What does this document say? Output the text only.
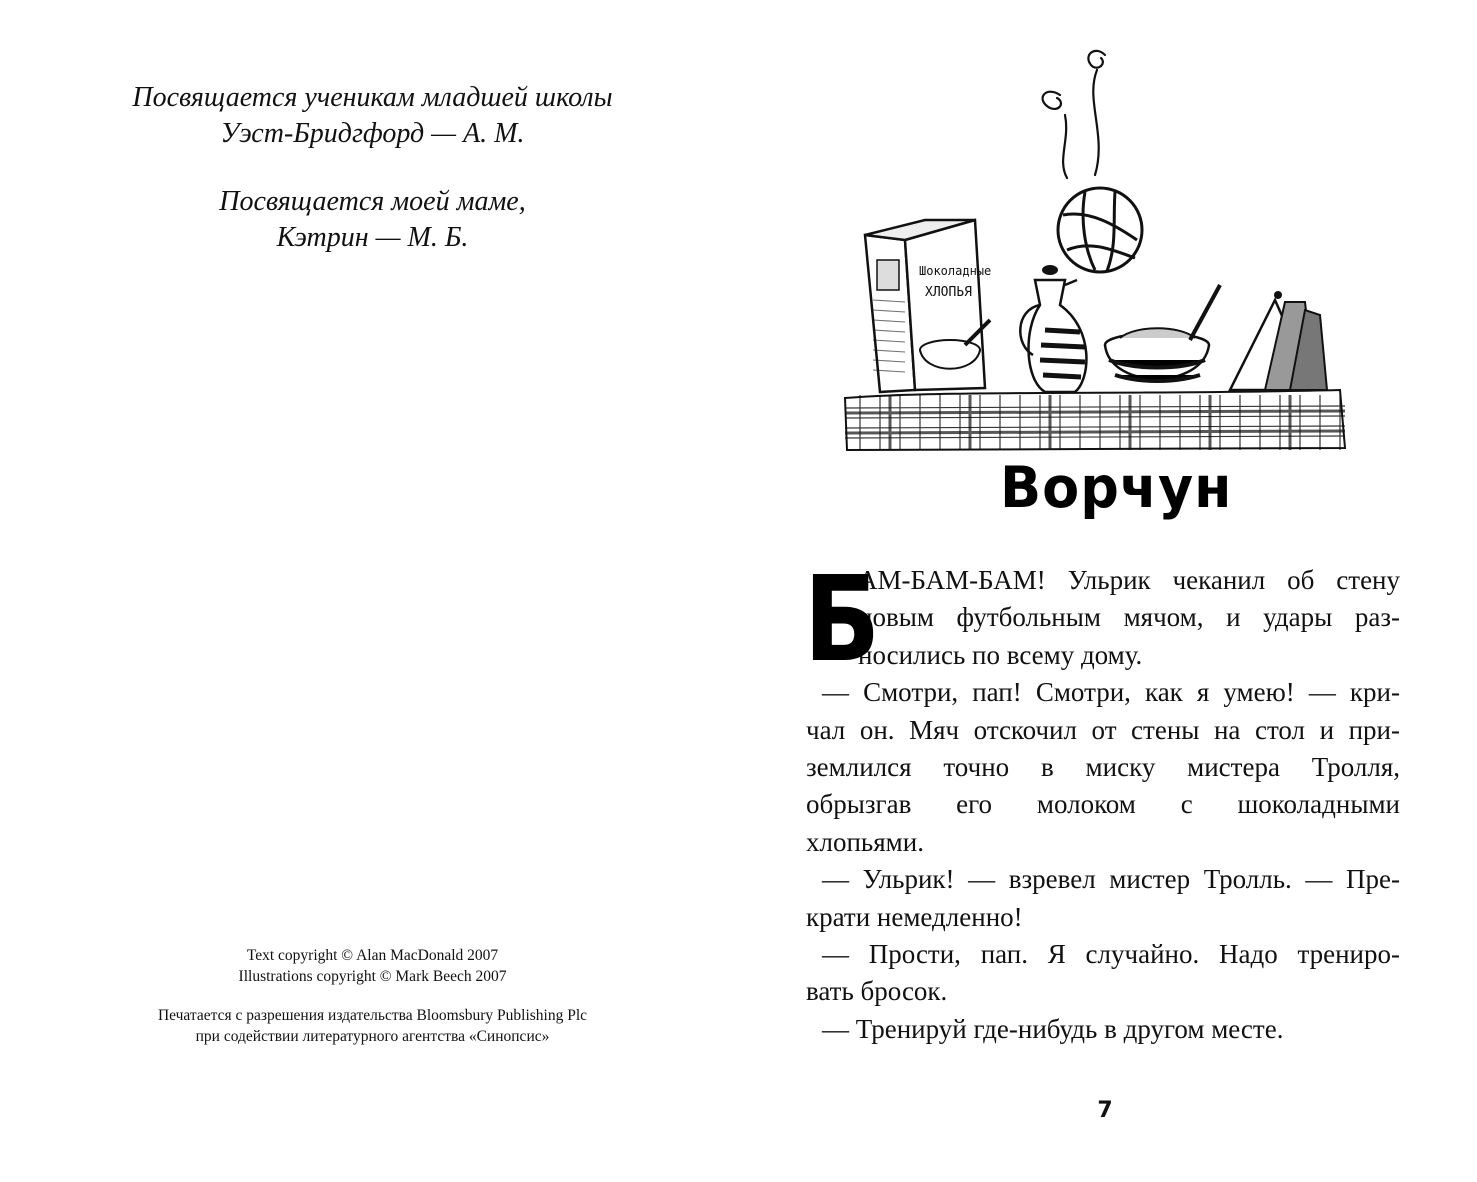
Посвящается ученикам младшей школы

Уэст-Бридгфорд — А. М.

Посвящается моей маме,

Кэтрин — М. Б.

Text copyright © Alan MacDonald 2007

Illustrations copyright © Mark Beech 2007

Печатается с разрешения издательства Bloomsbury Publishing Plc

при содействии литературного агентства «Синопсис»

Шоколадные
ХЛОПЬЯ
Ворчун
Б
АМ-БАМ-БАМ! Ульрик чеканил об стену
новым футбольным мячом, и удары раз-
носились по всему дому.
— Смотри, пап! Смотри, как я умею! — кри-
чал он. Мяч отскочил от стены на стол и при-
землился точно в миску мистера Тролля,
обрызгав его молоком с шоколадными
хлопьями.
— Ульрик! — взревел мистер Тролль. — Пре-
крати немедленно!
— Прости, пап. Я случайно. Надо трениро-
вать бросок.
— Тренируй где-нибудь в другом месте.
7
